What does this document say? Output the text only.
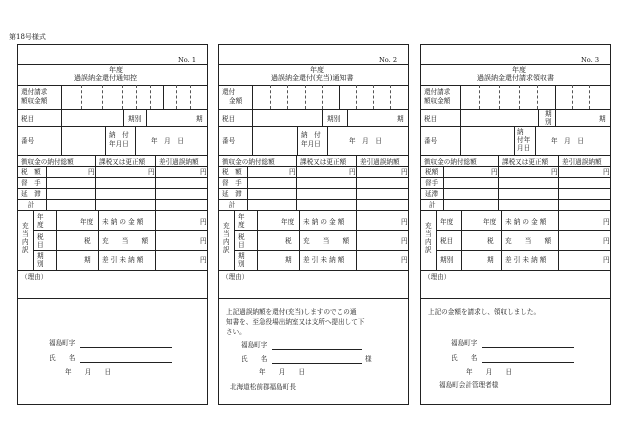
第18号様式
No. 1
年度
過誤納金還付通知控
還付請求
額収金額
税目	期別	期
番号
納　付
年月日	年　月　日
徴収金の納付総額	課税又は更正額 差引過誤納額
税　額	円	円	円
督　手
延　滞
　計
充当内訳
年　度	年度 未 納 の 金 額	円
税　目	税 充　　当　　額	円
期　別	期 差 引 未 納 額	円
（理由）
福島町字
氏　　名
年　　月　　日
No. 2
年度
過誤納金還付(充当)通知書
還付
金額
税目	期別	期
番号
納　付
年月日	年　月　日
徴収金の納付総額	課税又は更正額 差引過誤納額
税　額	円	円	円
督　手
延　滞
　計
充当内訳
年　度	年度 未 納 の 金 額	円
税　目	税 充　　当　　額	円
期　別	期 差 引 未 納 額	円
（理由）
上記過誤納額を還付(充当)しますのでこの通
知書を、至急役場出納室又は支所へ提出して下
さい。
福島町字
氏　　名	様
年　　月　　日
北海道松前郡福島町長
No. 3
年度
過誤納金還付請求領収書
還付請求
額収金額
税目
期
別	期
番号
納
付年
月日
年　月　日
徴収金の納付総額	課税又は更正額 差引過誤納額
税額	円	円	円
督手
延滞
計
充当内訳
年度	年度 未 納 の 金 額	円
税目	税 充　　当　　額	円
期別	期 差 引 未 納 額	円
（理由）
上記の金額を請求し、領収しました。
福島町字
氏　　名
年　　月　　日
福島町会計管理者様
